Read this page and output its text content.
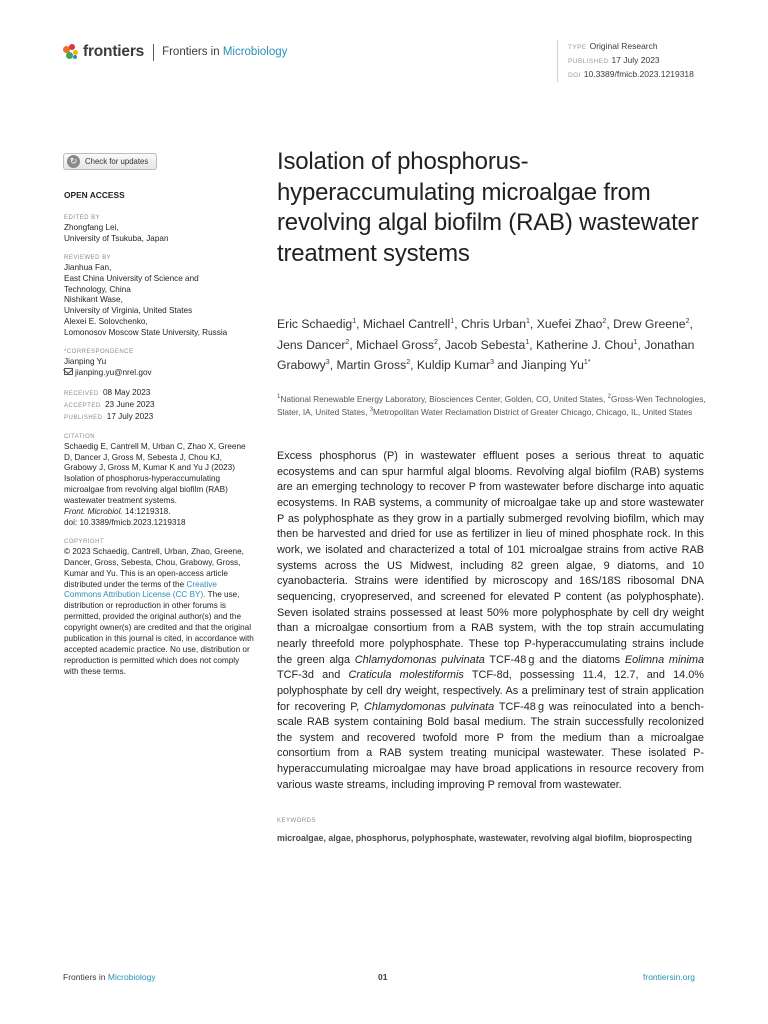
frontiers Frontiers in Microbiology	TYPE Original Research
PUBLISHED 17 July 2023
DOI 10.3389/fmicb.2023.1219318
↻ Check for updates
OPEN ACCESS
EDITED BY

Zhongfang Lei,

University of Tsukuba, Japan

REVIEWED BY

Jianhua Fan,

East China University of Science and

Technology, China

Nishikant Wase,

University of Virginia, United States

Alexei E. Solovchenko,

Lomonosov Moscow State University, Russia

*CORRESPONDENCE

Jianping Yu

jianping.yu@nrel.gov

RECEIVED 08 May 2023
ACCEPTED 23 June 2023
PUBLISHED 17 July 2023
CITATION

Schaedig E, Cantrell M, Urban C, Zhao X, Greene D, Dancer J, Gross M, Sebesta J, Chou KJ, Grabowy J, Gross M, Kumar K and Yu J (2023) Isolation of phosphorus-hyperaccumulating microalgae from revolving algal biofilm (RAB) wastewater treatment systems.

Front. Microbiol. 14:1219318.

doi: 10.3389/fmicb.2023.1219318

COPYRIGHT

© 2023 Schaedig, Cantrell, Urban, Zhao, Greene, Dancer, Gross, Sebesta, Chou, Grabowy, Gross, Kumar and Yu. This is an open-access article distributed under the terms of the Creative Commons Attribution License (CC BY). The use, distribution or reproduction in other forums is permitted, provided the original author(s) and the copyright owner(s) are credited and that the original publication in this journal is cited, in accordance with accepted academic practice. No use, distribution or reproduction is permitted which does not comply with these terms.

Isolation of phosphorus-hyperaccumulating microalgae from revolving algal biofilm (RAB) wastewater treatment systems
Eric Schaedig$^1$, Michael Cantrell$^1$, Chris Urban$^1$, Xuefei Zhao$^2$, Drew Greene$^2$, Jens Dancer$^2$, Michael Gross$^2$, Jacob Sebesta$^1$, Katherine J. Chou$^1$, Jonathan Grabowy$^3$, Martin Gross$^2$, Kuldip Kumar$^3$ and Jianping $Yu^{1*}$
$^1$National Renewable Energy Laboratory, Biosciences Center, Golden, CO, United States, $^2$Gross-Wen Technologies, Slater, IA, United States, $^3$Metropolitan Water Reclamation District of Greater Chicago, Chicago, IL, United States
Excess phosphorus (P) in wastewater effluent poses a serious threat to aquatic ecosystems and can spur harmful algal blooms. Revolving algal biofilm (RAB) systems are an emerging technology to recover P from wastewater before discharge into aquatic ecosystems. In RAB systems, a community of microalgae take up and store wastewater P as polyphosphate as they grow in a partially submerged revolving biofilm, which may then be harvested and dried for use as fertilizer in lieu of mined phosphate rock. In this work, we isolated and characterized a total of 101 microalgae strains from active RAB systems across the US Midwest, including 82 green algae, 9 diatoms, and 10 cyanobacteria. Strains were identified by microscopy and 16S/18S ribosomal DNA sequencing, cryopreserved, and screened for elevated P content (as polyphosphate). Seven isolated strains possessed at least 50% more polyphosphate by cell dry weight than a microalgae consortium from a RAB system, with the top strain accumulating nearly threefold more polyphosphate. These top P-hyperaccumulating strains include the green alga Chlamydomonas pulvinata TCF-48 g and the diatoms Eolimna minima TCF-3d and Craticula molestiformis TCF-8d, possessing 11.4, 12.7, and 14.0% polyphosphate by cell dry weight, respectively. As a preliminary test of strain application for recovering P, Chlamydomonas pulvinata TCF-48 g was reinoculated into a bench-scale RAB system containing Bold basal medium. The strain successfully recolonized the system and recovered twofold more P from the medium than a microalgae consortium from a RAB system treating municipal wastewater. These isolated P-hyperaccumulating microalgae may have broad applications in resource recovery from various waste streams, including improving P removal from wastewater.
KEYWORDS
microalgae, algae, phosphorus, polyphosphate, wastewater, revolving algal biofilm, bioprospecting
Frontiers in Microbiology	01	frontiersin.org
